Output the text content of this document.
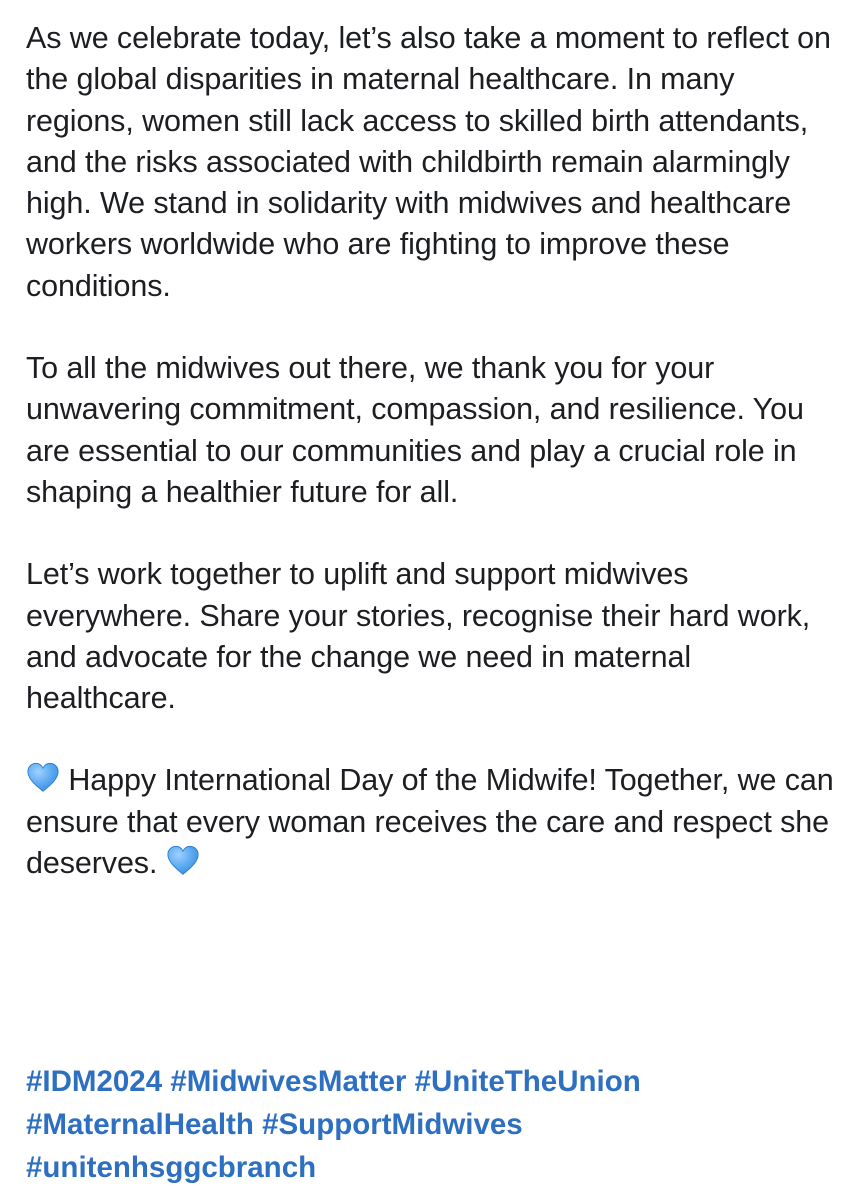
As we celebrate today, let’s also take a moment to reflect on the global disparities in maternal healthcare. In many regions, women still lack access to skilled birth attendants, and the risks associated with childbirth remain alarmingly high. We stand in solidarity with midwives and healthcare workers worldwide who are fighting to improve these conditions.

To all the midwives out there, we thank you for your unwavering commitment, compassion, and resilience. You are essential to our communities and play a crucial role in shaping a healthier future for all.

Let’s work together to uplift and support midwives everywhere. Share your stories, recognise their hard work, and advocate for the change we need in maternal healthcare.

Happy International Day of the Midwife! Together, we can ensure that every woman receives the care and respect she deserves.

#IDM2024 #MidwivesMatter #UniteTheUnion
#MaternalHealth #SupportMidwives
#unitenhsggcbranch
